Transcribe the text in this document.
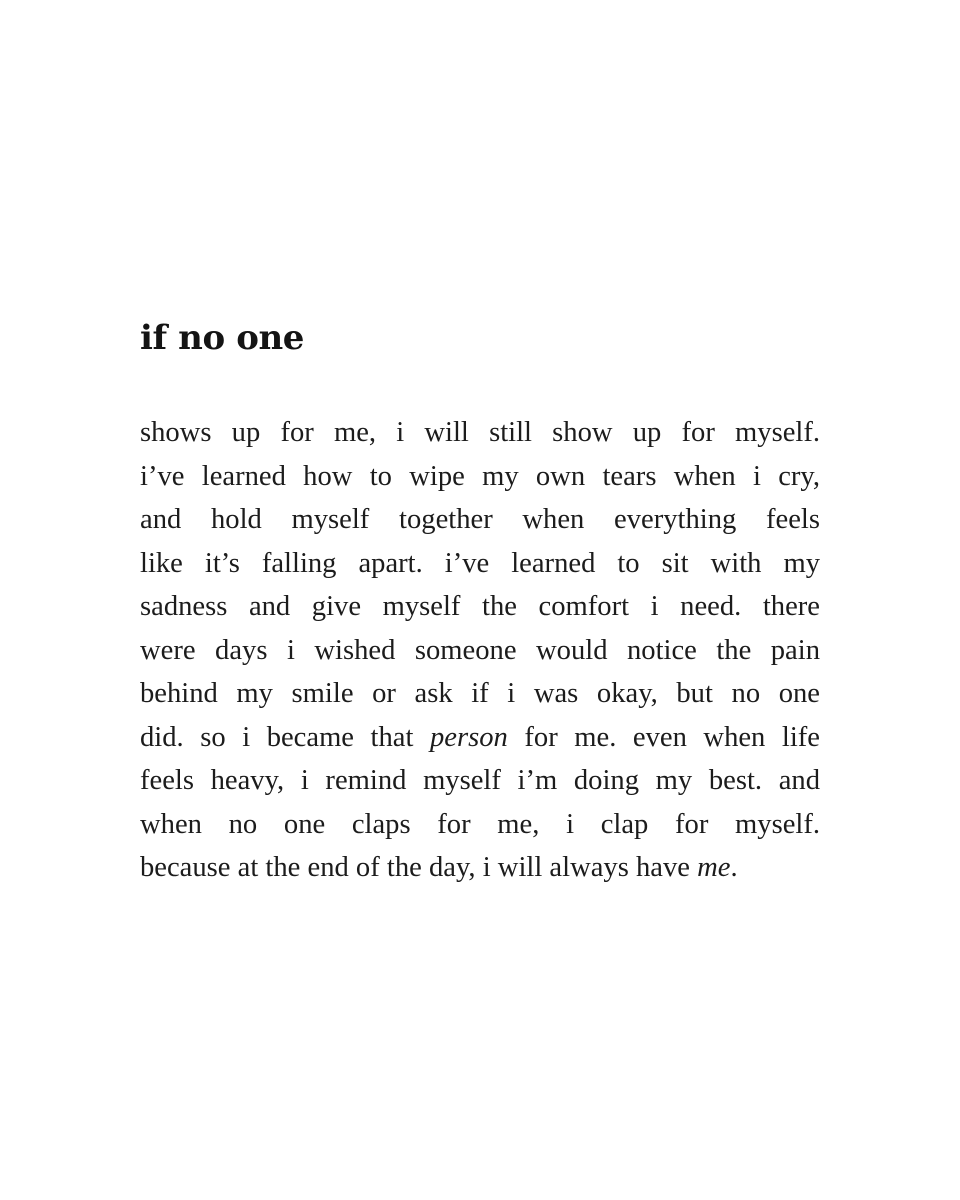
if no one
shows up for me, i will still show up for myself.
i’ve learned how to wipe my own tears when i cry,
and hold myself together when everything feels
like it’s falling apart. i’ve learned to sit with my
sadness and give myself the comfort i need. there
were days i wished someone would notice the pain
behind my smile or ask if i was okay, but no one
did. so i became that person for me. even when life
feels heavy, i remind myself i’m doing my best. and
when no one claps for me, i clap for myself.
because at the end of the day, i will always have me.
